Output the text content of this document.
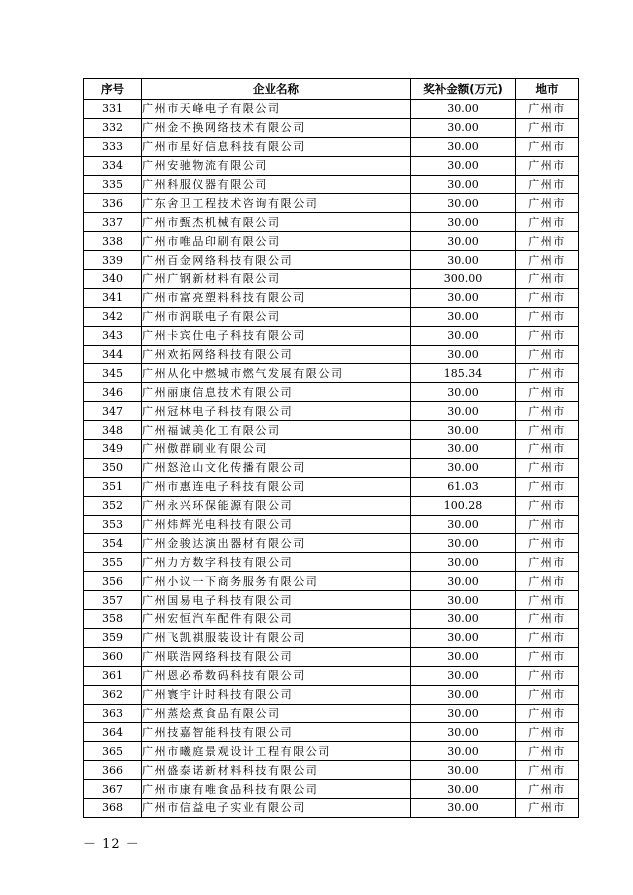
序号	企业名称	奖补金额(万元)	地市
331	广州市天峰电子有限公司	30.00	广州市
332	广州金不换网络技术有限公司	30.00	广州市
333	广州市星好信息科技有限公司	30.00	广州市
334	广州安驰物流有限公司	30.00	广州市
335	广州科服仪器有限公司	30.00	广州市
336	广东舍卫工程技术咨询有限公司	30.00	广州市
337	广州市甄杰机械有限公司	30.00	广州市
338	广州市唯品印刷有限公司	30.00	广州市
339	广州百金网络科技有限公司	30.00	广州市
340	广州广钢新材料有限公司	300.00	广州市
341	广州市富亮塑料科技有限公司	30.00	广州市
342	广州市润联电子有限公司	30.00	广州市
343	广州卡宾仕电子科技有限公司	30.00	广州市
344	广州欢拓网络科技有限公司	30.00	广州市
345	广州从化中燃城市燃气发展有限公司	185.34	广州市
346	广州丽康信息技术有限公司	30.00	广州市
347	广州冠林电子科技有限公司	30.00	广州市
348	广州福诚美化工有限公司	30.00	广州市
349	广州傲群刷业有限公司	30.00	广州市
350	广州怒沧山文化传播有限公司	30.00	广州市
351	广州市惠连电子科技有限公司	61.03	广州市
352	广州永兴环保能源有限公司	100.28	广州市
353	广州炜辉光电科技有限公司	30.00	广州市
354	广州金骏达演出器材有限公司	30.00	广州市
355	广州力方数字科技有限公司	30.00	广州市
356	广州小议一下商务服务有限公司	30.00	广州市
357	广州国易电子科技有限公司	30.00	广州市
358	广州宏恒汽车配件有限公司	30.00	广州市
359	广州飞凯祺服装设计有限公司	30.00	广州市
360	广州联浩网络科技有限公司	30.00	广州市
361	广州恩必希数码科技有限公司	30.00	广州市
362	广州寰宇计时科技有限公司	30.00	广州市
363	广州蒸烩煮食品有限公司	30.00	广州市
364	广州技嘉智能科技有限公司	30.00	广州市
365	广州市曦庭景观设计工程有限公司	30.00	广州市
366	广州盛泰诺新材料科技有限公司	30.00	广州市
367	广州市康有唯食品科技有限公司	30.00	广州市
368	广州市信益电子实业有限公司	30.00	广州市
－ 12 －
